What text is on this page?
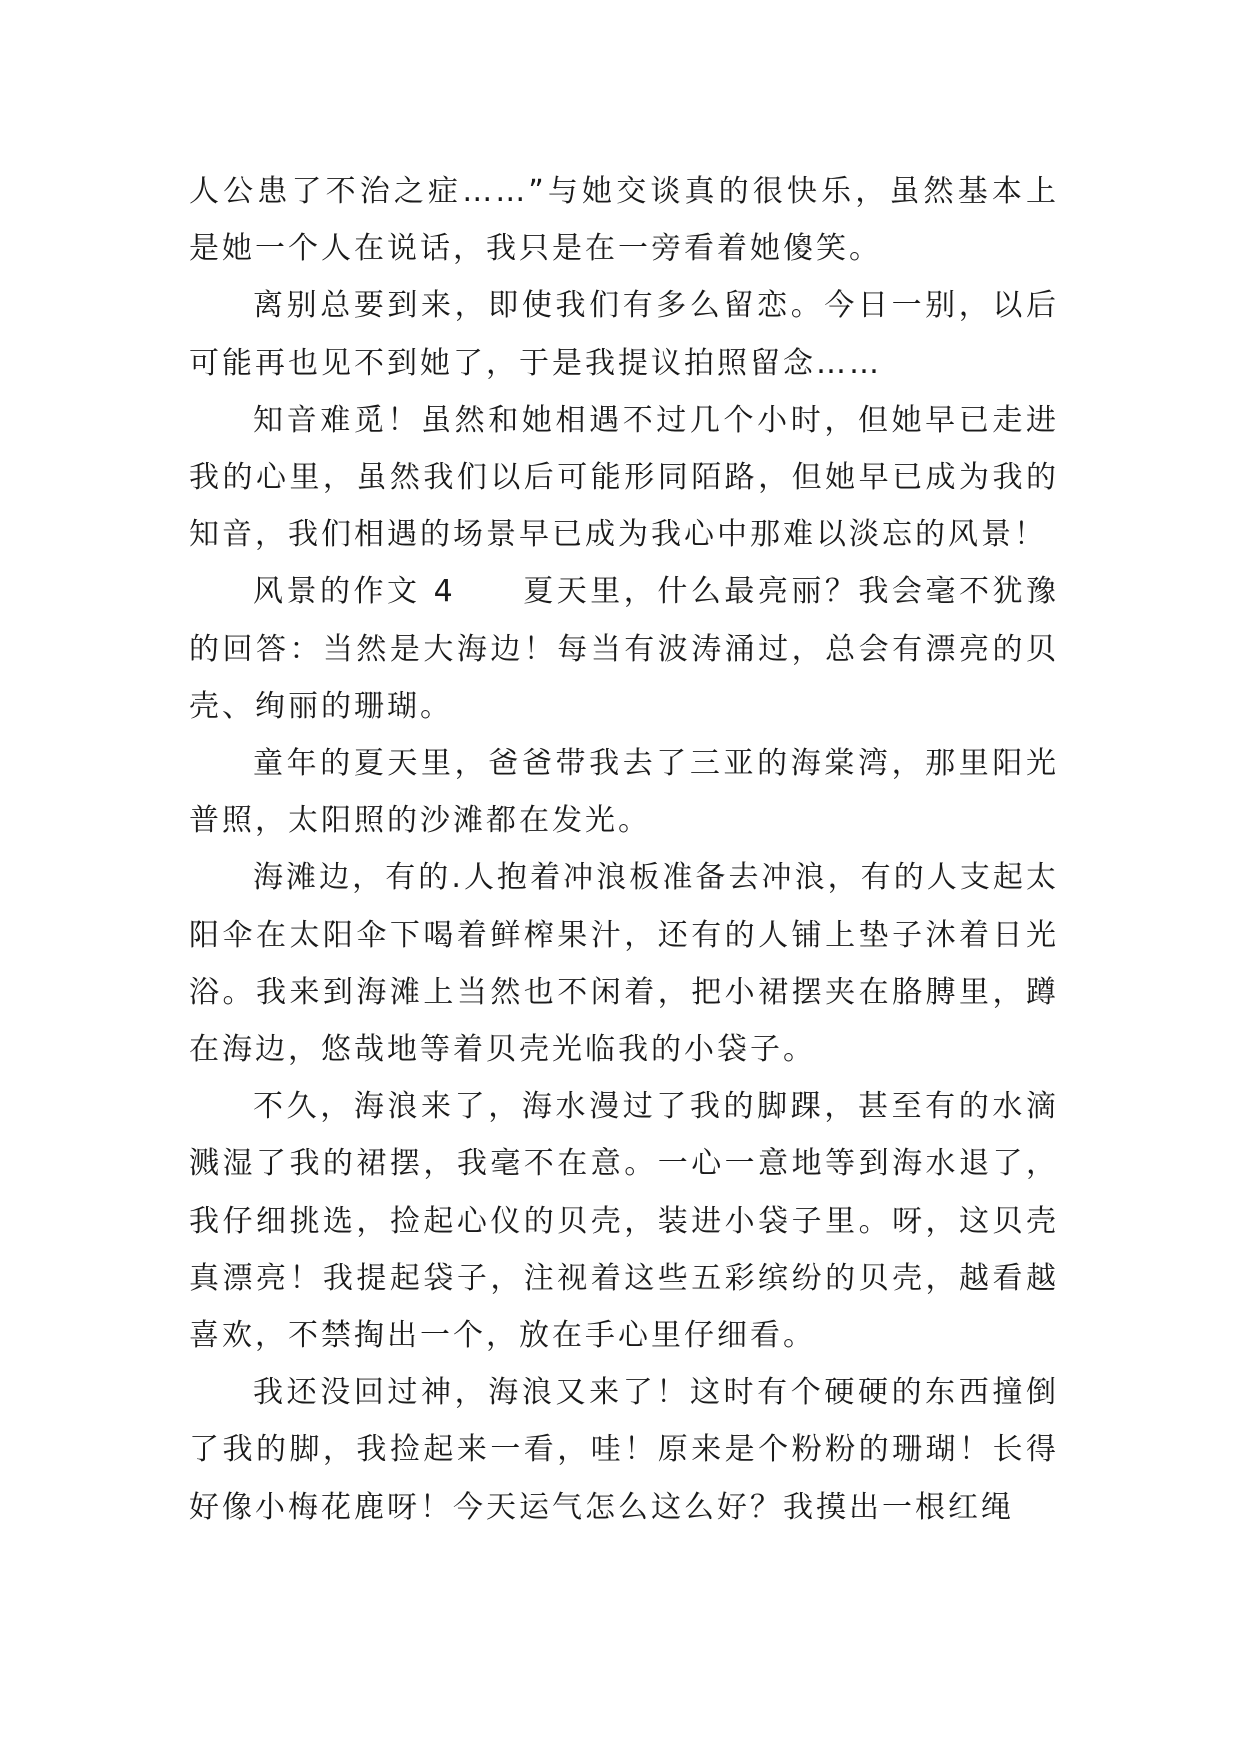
人公患了不治之症……”与她交谈真的很快乐，虽然基本上是她一个人在说话，我只是在一旁看着她傻笑。

离别总要到来，即使我们有多么留恋。今日一别，以后可能再也见不到她了，于是我提议拍照留念……

知音难觅！虽然和她相遇不过几个小时，但她早已走进我的心里，虽然我们以后可能形同陌路，但她早已成为我的知音，我们相遇的场景早已成为我心中那难以淡忘的风景！

风景的作文 4　　夏天里，什么最亮丽？我会毫不犹豫的回答：当然是大海边！每当有波涛涌过，总会有漂亮的贝壳、绚丽的珊瑚。

童年的夏天里，爸爸带我去了三亚的海棠湾，那里阳光普照，太阳照的沙滩都在发光。

海滩边，有的.人抱着冲浪板准备去冲浪，有的人支起太阳伞在太阳伞下喝着鲜榨果汁，还有的人铺上垫子沐着日光浴。我来到海滩上当然也不闲着，把小裙摆夹在胳膊里，蹲在海边，悠哉地等着贝壳光临我的小袋子。

不久，海浪来了，海水漫过了我的脚踝，甚至有的水滴溅湿了我的裙摆，我毫不在意。一心一意地等到海水退了，我仔细挑选，捡起心仪的贝壳，装进小袋子里。呀，这贝壳真漂亮！我提起袋子，注视着这些五彩缤纷的贝壳，越看越喜欢，不禁掏出一个，放在手心里仔细看。

我还没回过神，海浪又来了！这时有个硬硬的东西撞倒了我的脚，我捡起来一看，哇！原来是个粉粉的珊瑚！长得好像小梅花鹿呀！今天运气怎么这么好？我摸出一根红绳
